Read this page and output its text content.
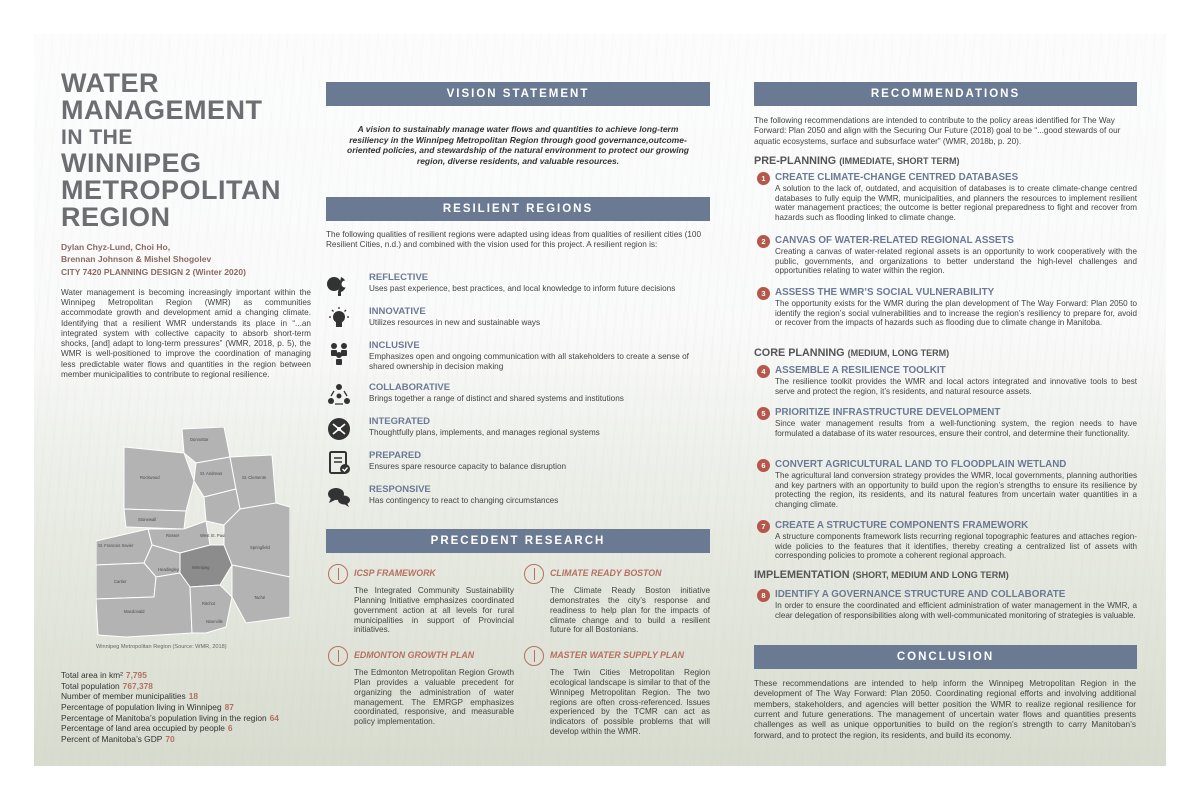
WATER
MANAGEMENT
IN THE
WINNIPEG
METROPOLITAN
REGION
Dylan Chyz-Lund, Choi Ho,
Brennan Johnson & Mishel Shogolev
CITY 7420 PLANNING DESIGN 2 (Winter 2020)

Water management is becoming increasingly important within the Winnipeg Metropolitan Region (WMR) as communities accommodate growth and development amid a changing climate. Identifying that a resilient WMR understands its place in “...an integrated system with collective capacity to absorb short-term shocks, [and] adapt to long-term pressures” (WMR, 2018, p. 5), the WMR is well-positioned to improve the coordination of managing less predictable water flows and quantities in the region between member municipalities to contribute to regional resilience.

Dunnottar
St. Andrews
Rockwood	St. Clements
Stonewall
Rosser	West St. Paul
St. Francois Xavier
Headingley	Winnipeg
Cartier
Springfield
Taché
Macdonald
Ritchot
Niverville
Winnipeg Metropolitan Region (Source: WMR, 2018)
Total area in km² 7,795
Total population 767,378
Number of member municipalities 18
Percentage of population living in Winnipeg 87
Percentage of Manitoba’s population living in the region 64
Percentage of land area occupied by people 6
Percent of Manitoba’s GDP 70
VISION STATEMENT

A vision to sustainably manage water flows and quantities to achieve long-term resiliency in the Winnipeg Metropolitan Region through good governance,outcome-oriented policies, and stewardship of the natural environment to protect our growing region, diverse residents, and valuable resources.

RESILIENT REGIONS

The following qualities of resilient regions were adapted using ideas from qualities of resilient cities (100 Resilient Cities, n.d.) and combined with the vision used for this project. A resilient region is:

REFLECTIVE
Uses past experience, best practices, and local knowledge to inform future decisions
INNOVATIVE
Utilizes resources in new and sustainable ways
INCLUSIVE
Emphasizes open and ongoing communication with all stakeholders to create a sense of shared ownership in decision making
COLLABORATIVE
Brings together a range of distinct and shared systems and institutions
INTEGRATED
Thoughtfully plans, implements, and manages regional systems
PREPARED
Ensures spare resource capacity to balance disruption
RESPONSIVE
Has contingency to react to changing circumstances
PRECEDENT RESEARCH
ICSP FRAMEWORK

The Integrated Community Sustainability Planning Initiative emphasizes coordinated government action at all levels for rural municipalities in support of Provincial initiatives.

CLIMATE READY BOSTON

The Climate Ready Boston initiative demonstrates the city’s response and readiness to help plan for the impacts of climate change and to build a resilient future for all Bostonians.

EDMONTON GROWTH PLAN

The Edmonton Metropolitan Region Growth Plan provides a valuable precedent for organizing the administration of water management. The EMRGP emphasizes coordinated, responsive, and measurable policy implementation.

MASTER WATER SUPPLY PLAN

The Twin Cities Metropolitan Region ecological landscape is similar to that of the Winnipeg Metropolitan Region. The two regions are often cross-referenced. Issues experienced by the TCMR can act as indicators of possible problems that will develop within the WMR.

RECOMMENDATIONS

The following recommendations are intended to contribute to the policy areas identified for The Way Forward: Plan 2050 and align with the Securing Our Future (2018) goal to be “...good stewards of our aquatic ecosystems, surface and subsurface water” (WMR, 2018b, p. 20).

PRE-PLANNING (IMMEDIATE, SHORT TERM)
1 CREATE CLIMATE-CHANGE CENTRED DATABASES

A solution to the lack of, outdated, and acquisition of databases is to create climate-change centred databases to fully equip the WMR, municipalities, and planners the resources to implement resilient water management practices; the outcome is better regional preparedness to fight and recover from hazards such as flooding linked to climate change.

2 CANVAS OF WATER-RELATED REGIONAL ASSETS

Creating a canvas of water-related regional assets is an opportunity to work cooperatively with the public, governments, and organizations to better understand the high-level challenges and opportunities relating to water within the region.

3 ASSESS THE WMR’S SOCIAL VULNERABILITY

The opportunity exists for the WMR during the plan development of The Way Forward: Plan 2050 to identify the region’s social vulnerabilities and to increase the region’s resiliency to prepare for, avoid or recover from the impacts of hazards such as flooding due to climate change in Manitoba.

CORE PLANNING (MEDIUM, LONG TERM)
4 ASSEMBLE A RESILIENCE TOOLKIT

The resilience toolkit provides the WMR and local actors integrated and innovative tools to best serve and protect the region, it’s residents, and natural resource assets.

5 PRIORITIZE INFRASTRUCTURE DEVELOPMENT

Since water management results from a well-functioning system, the region needs to have formulated a database of its water resources, ensure their control, and determine their functionality.

6 CONVERT AGRICULTURAL LAND TO FLOODPLAIN WETLAND

The agricultural land conversion strategy provides the WMR, local governments, planning authorities and key partners with an opportunity to build upon the region’s strengths to ensure its resilience by protecting the region, its residents, and its natural features from uncertain water quantities in a changing climate.

7 CREATE A STRUCTURE COMPONENTS FRAMEWORK

A structure components framework lists recurring regional topographic features and attaches region-wide policies to the features that it identifies, thereby creating a centralized list of assets with corresponding policies to promote a coherent regional approach.

IMPLEMENTATION (SHORT, MEDIUM AND LONG TERM)
8 IDENTIFY A GOVERNANCE STRUCTURE AND COLLABORATE

In order to ensure the coordinated and efficient administration of water management in the WMR, a clear delegation of responsibilities along with well-communicated monitoring of strategies is valuable.

CONCLUSION

These recommendations are intended to help inform the Winnipeg Metropolitan Region in the development of The Way Forward: Plan 2050. Coordinating regional efforts and involving additional members, stakeholders, and agencies will better position the WMR to realize regional resilience for current and future generations. The management of uncertain water flows and quantities presents challenges as well as unique opportunities to build on the region’s strength to carry Manitoban’s forward, and to protect the region, its residents, and build its economy.
